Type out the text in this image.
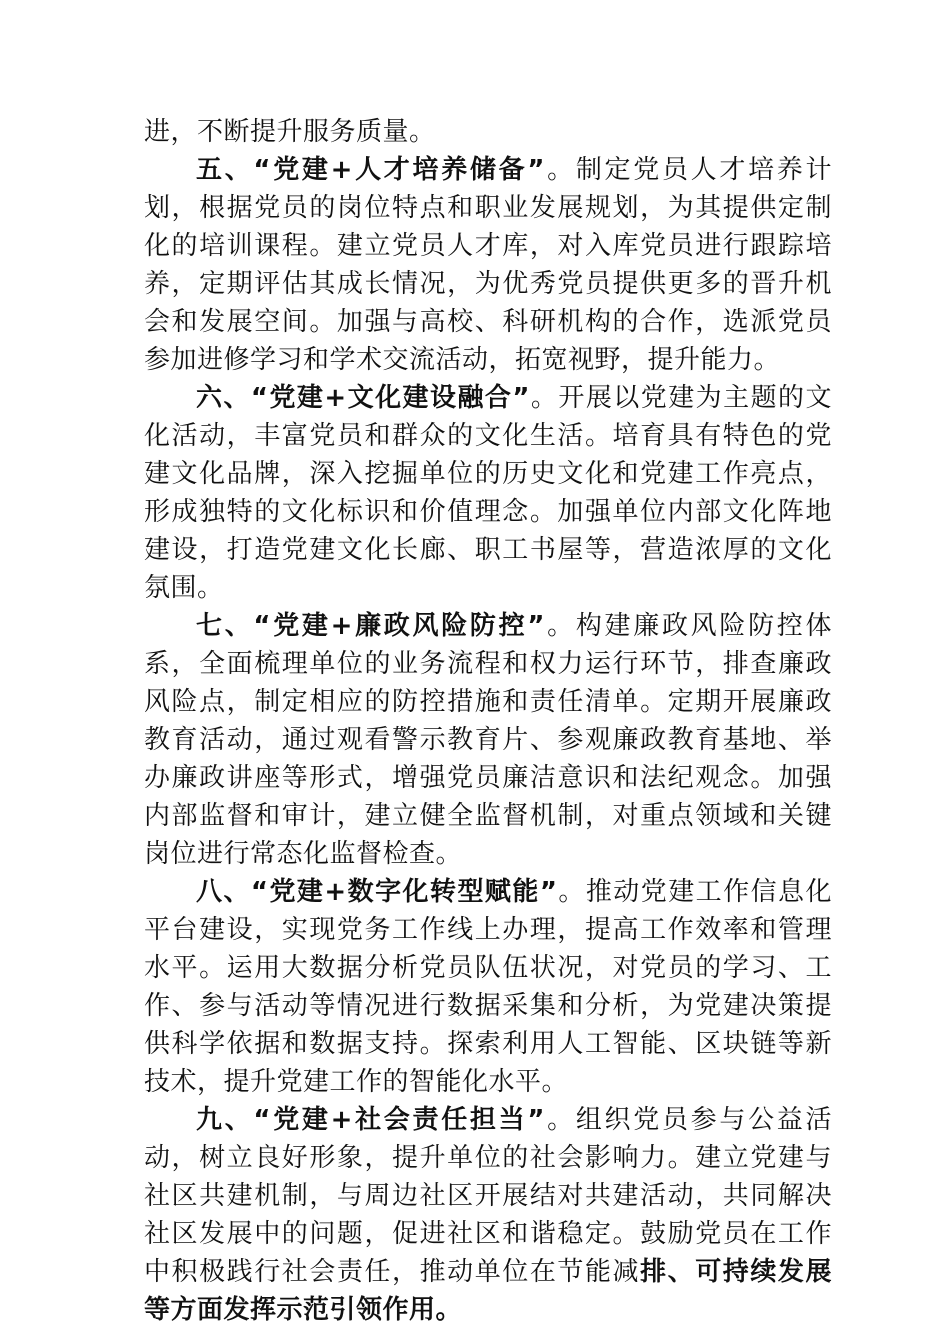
进，不断提升服务质量。

五、“党建+人才培养储备”。制定党员人才培养计划，根据党员的岗位特点和职业发展规划，为其提供定制化的培训课程。建立党员人才库，对入库党员进行跟踪培养，定期评估其成长情况，为优秀党员提供更多的晋升机会和发展空间。加强与高校、科研机构的合作，选派党员参加进修学习和学术交流活动，拓宽视野，提升能力。

六、“党建+文化建设融合”。开展以党建为主题的文化活动，丰富党员和群众的文化生活。培育具有特色的党建文化品牌，深入挖掘单位的历史文化和党建工作亮点，形成独特的文化标识和价值理念。加强单位内部文化阵地建设，打造党建文化长廊、职工书屋等，营造浓厚的文化氛围。

七、“党建+廉政风险防控”。构建廉政风险防控体系，全面梳理单位的业务流程和权力运行环节，排查廉政风险点，制定相应的防控措施和责任清单。定期开展廉政教育活动，通过观看警示教育片、参观廉政教育基地、举办廉政讲座等形式，增强党员廉洁意识和法纪观念。加强内部监督和审计，建立健全监督机制，对重点领域和关键岗位进行常态化监督检查。

八、“党建+数字化转型赋能”。推动党建工作信息化平台建设，实现党务工作线上办理，提高工作效率和管理水平。运用大数据分析党员队伍状况，对党员的学习、工作、参与活动等情况进行数据采集和分析，为党建决策提供科学依据和数据支持。探索利用人工智能、区块链等新技术，提升党建工作的智能化水平。

九、“党建+社会责任担当”。组织党员参与公益活动，树立良好形象，提升单位的社会影响力。建立党建与社区共建机制，与周边社区开展结对共建活动，共同解决社区发展中的问题，促进社区和谐稳定。鼓励党员在工作中积极践行社会责任，推动单位在节能减排、可持续发展等方面发挥示范引领作用。
